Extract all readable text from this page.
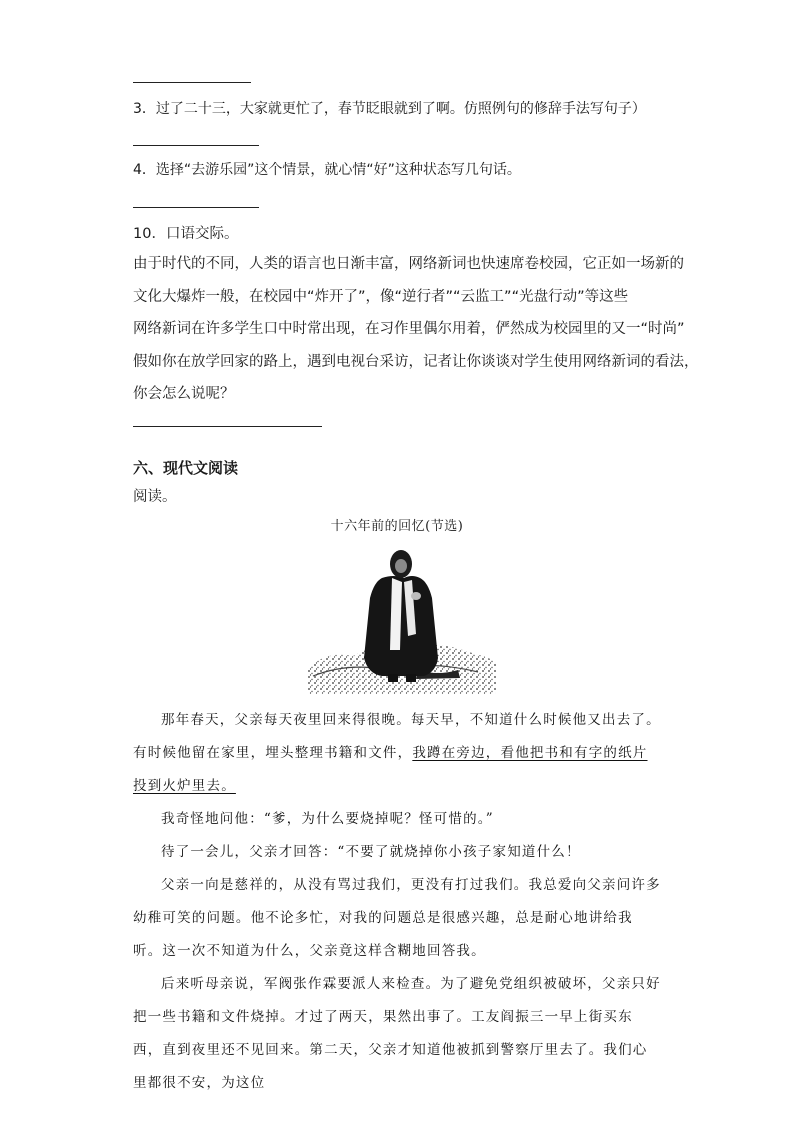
3．过了二十三，大家就更忙了，春节眨眼就到了啊。仿照例句的修辞手法写句子）
4．选择“去游乐园”这个情景，就心情“好”这种状态写几句话。
10．口语交际。
由于时代的不同，人类的语言也日渐丰富，网络新词也快速席卷校园，它正如一场新的
文化大爆炸一般，在校园中“炸开了”，像“逆行者”“云监工”“光盘行动”等这些
网络新词在许多学生口中时常出现，在习作里偶尔用着，俨然成为校园里的又一“时尚”
假如你在放学回家的路上，遇到电视台采访，记者让你谈谈对学生使用网络新词的看法，
你会怎么说呢？
六、现代文阅读
阅读。
十六年前的回忆(节选)

那年春天，父亲每天夜里回来得很晚。每天早，不知道什么时候他又出去了。有时候他留在家里，埋头整理书籍和文件，我蹲在旁边，看他把书和有字的纸片投到火炉里去。

我奇怪地问他：“爹，为什么要烧掉呢？怪可惜的。”

待了一会儿，父亲才回答：“不要了就烧掉你小孩子家知道什么！

父亲一向是慈祥的，从没有骂过我们，更没有打过我们。我总爱向父亲问许多幼稚可笑的问题。他不论多忙，对我的问题总是很感兴趣，总是耐心地讲给我听。这一次不知道为什么，父亲竟这样含糊地回答我。

后来听母亲说，军阀张作霖要派人来检查。为了避免党组织被破坏，父亲只好把一些书籍和文件烧掉。才过了两天，果然出事了。工友阎振三一早上街买东西，直到夜里还不见回来。第二天，父亲才知道他被抓到警察厅里去了。我们心里都很不安，为这位
